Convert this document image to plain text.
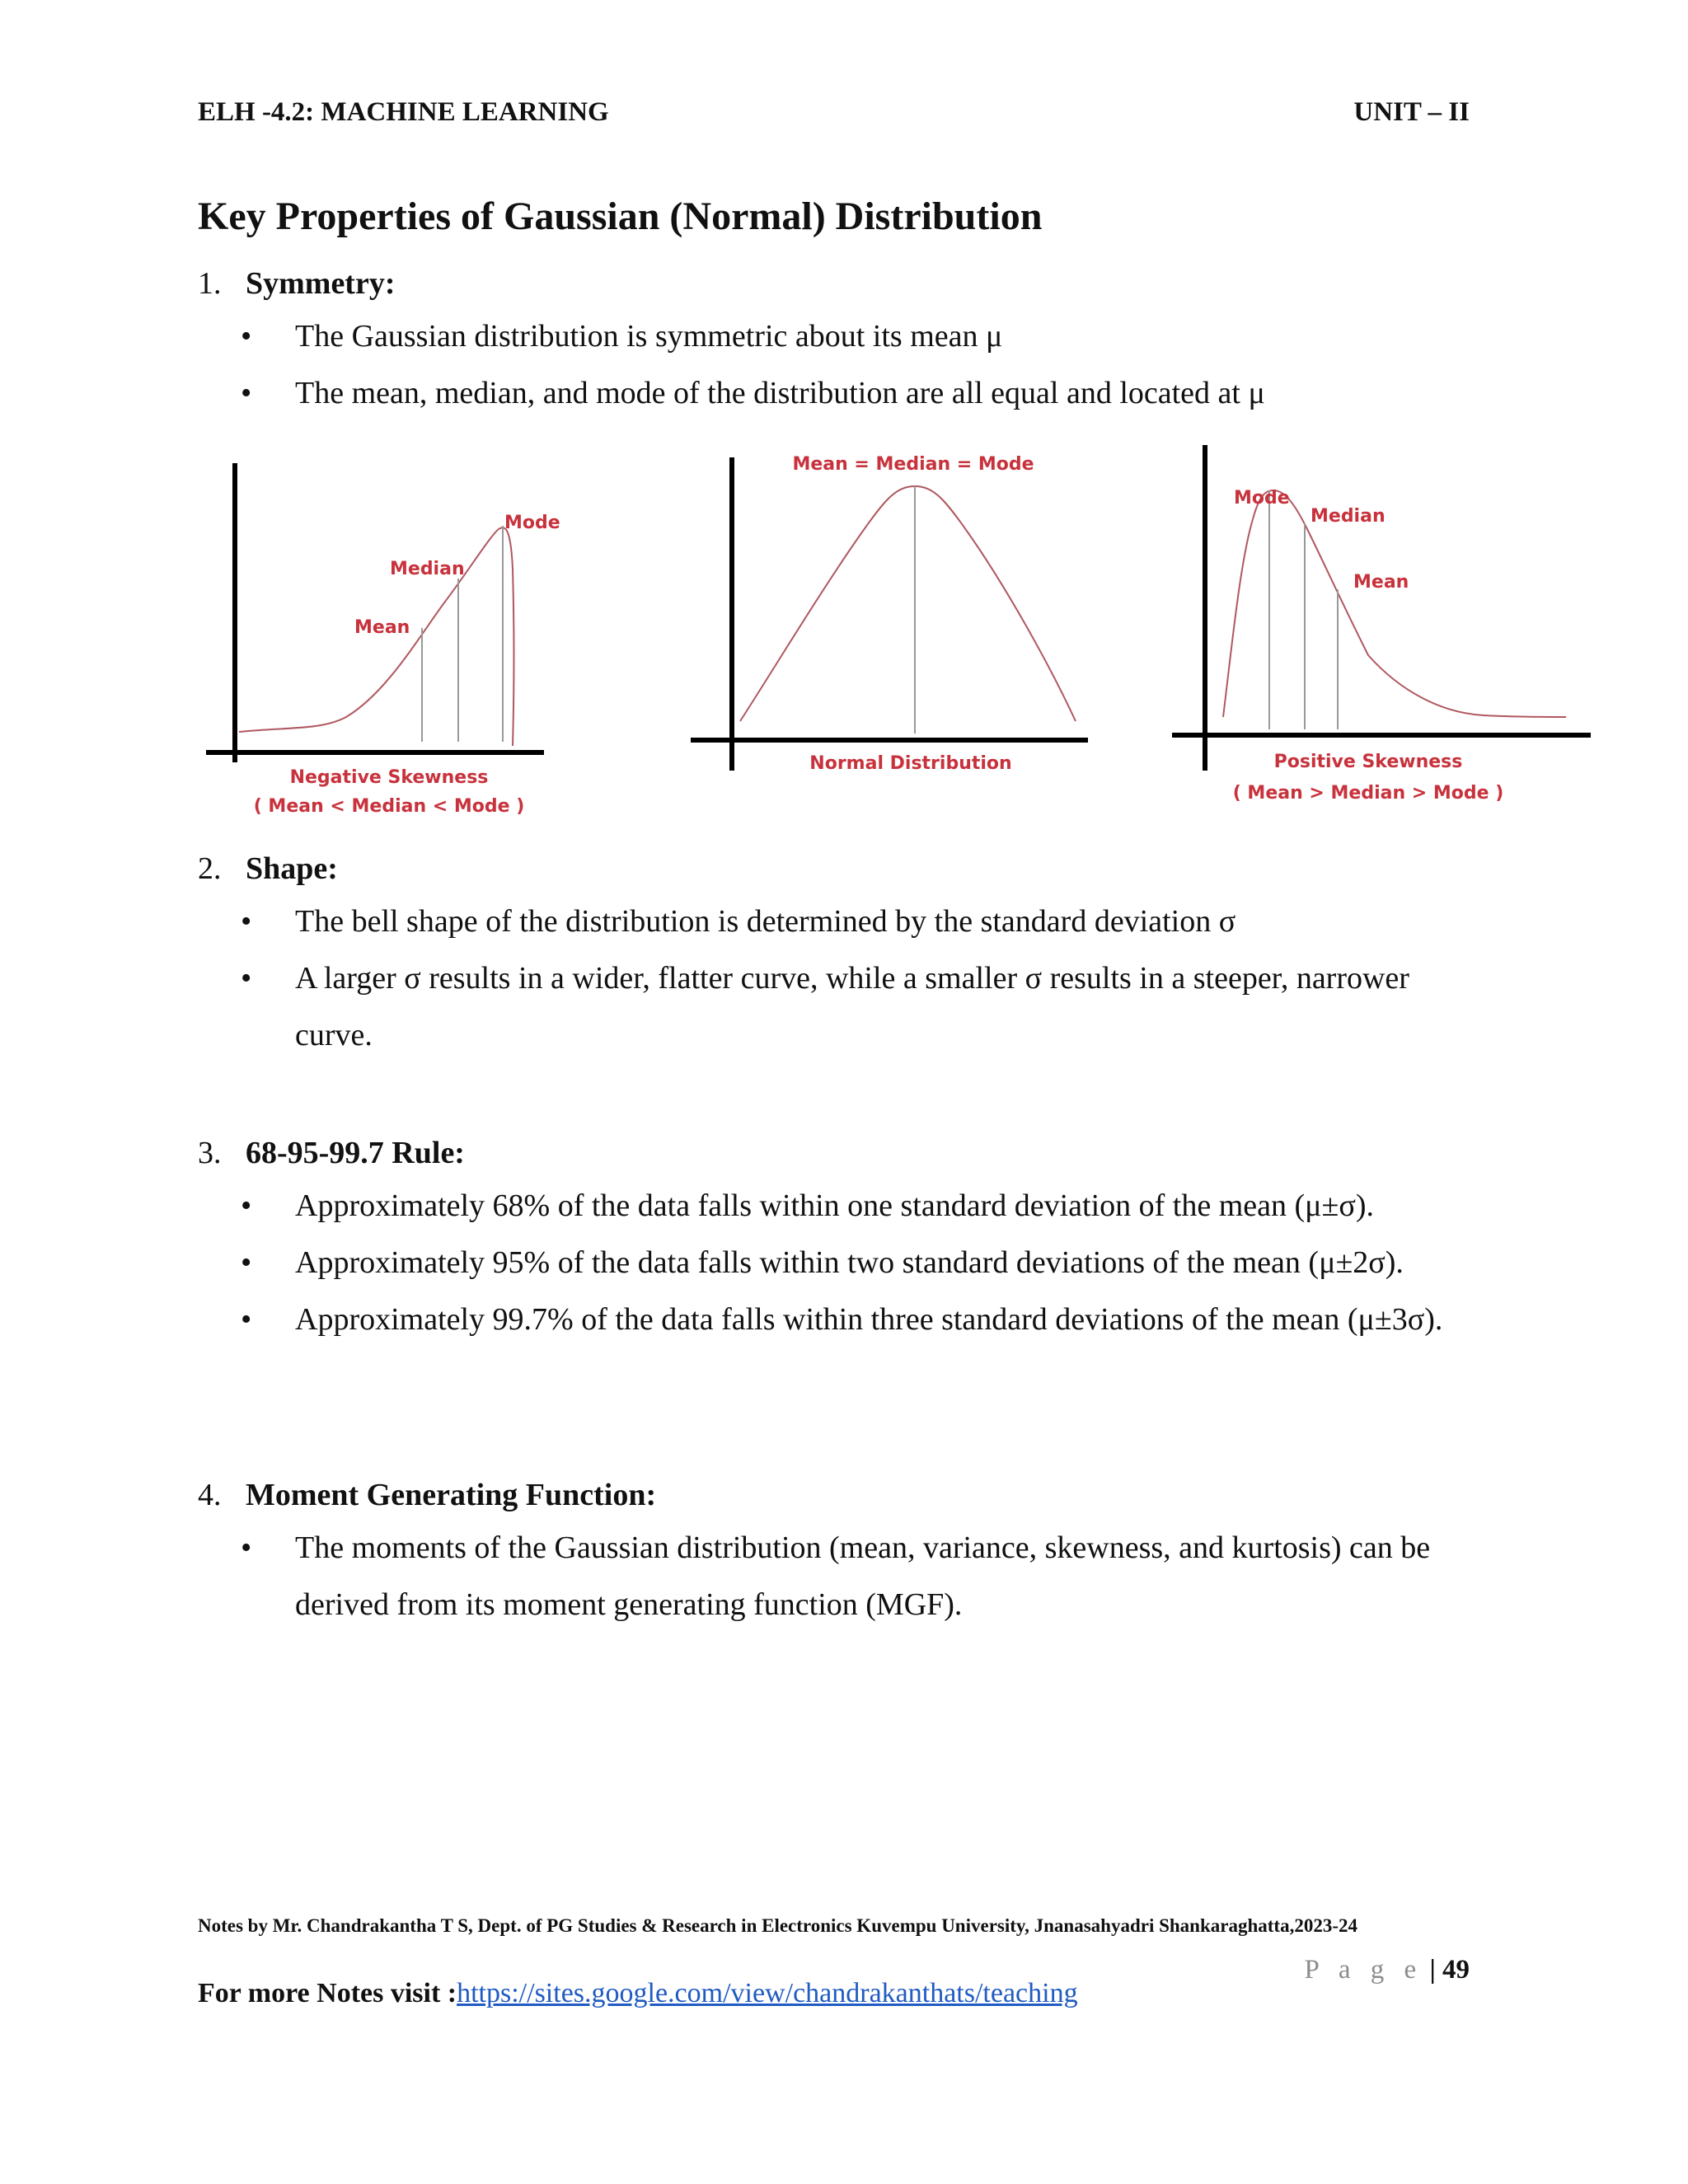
ELH -4.2: MACHINE LEARNING	UNIT – II
Key Properties of Gaussian (Normal) Distribution
1. Symmetry:
• The Gaussian distribution is symmetric about its mean μ
• The mean, median, and mode of the distribution are all equal and located at μ
Mode
Median
Mean
Negative Skewness
( Mean < Median < Mode )
Mean = Median = Mode
Normal Distribution
Mode
Median
Mean
Positive Skewness
( Mean > Median > Mode )
2. Shape:
• The bell shape of the distribution is determined by the standard deviation σ
• A larger σ results in a wider, flatter curve, while a smaller σ results in a steeper, narrower curve.
3. 68-95-99.7 Rule:
• Approximately 68% of the data falls within one standard deviation of the mean (μ±σ).
• Approximately 95% of the data falls within two standard deviations of the mean (μ±2σ).
• Approximately 99.7% of the data falls within three standard deviations of the mean (μ±3σ).
4. Moment Generating Function:
• The moments of the Gaussian distribution (mean, variance, skewness, and kurtosis) can be derived from its moment generating function (MGF).
Notes by Mr. Chandrakantha T S, Dept. of PG Studies & Research in Electronics Kuvempu University, Jnanasahyadri Shankaraghatta,2023-24
P a g e | 49
For more Notes visit :https://sites.google.com/view/chandrakanthats/teaching
